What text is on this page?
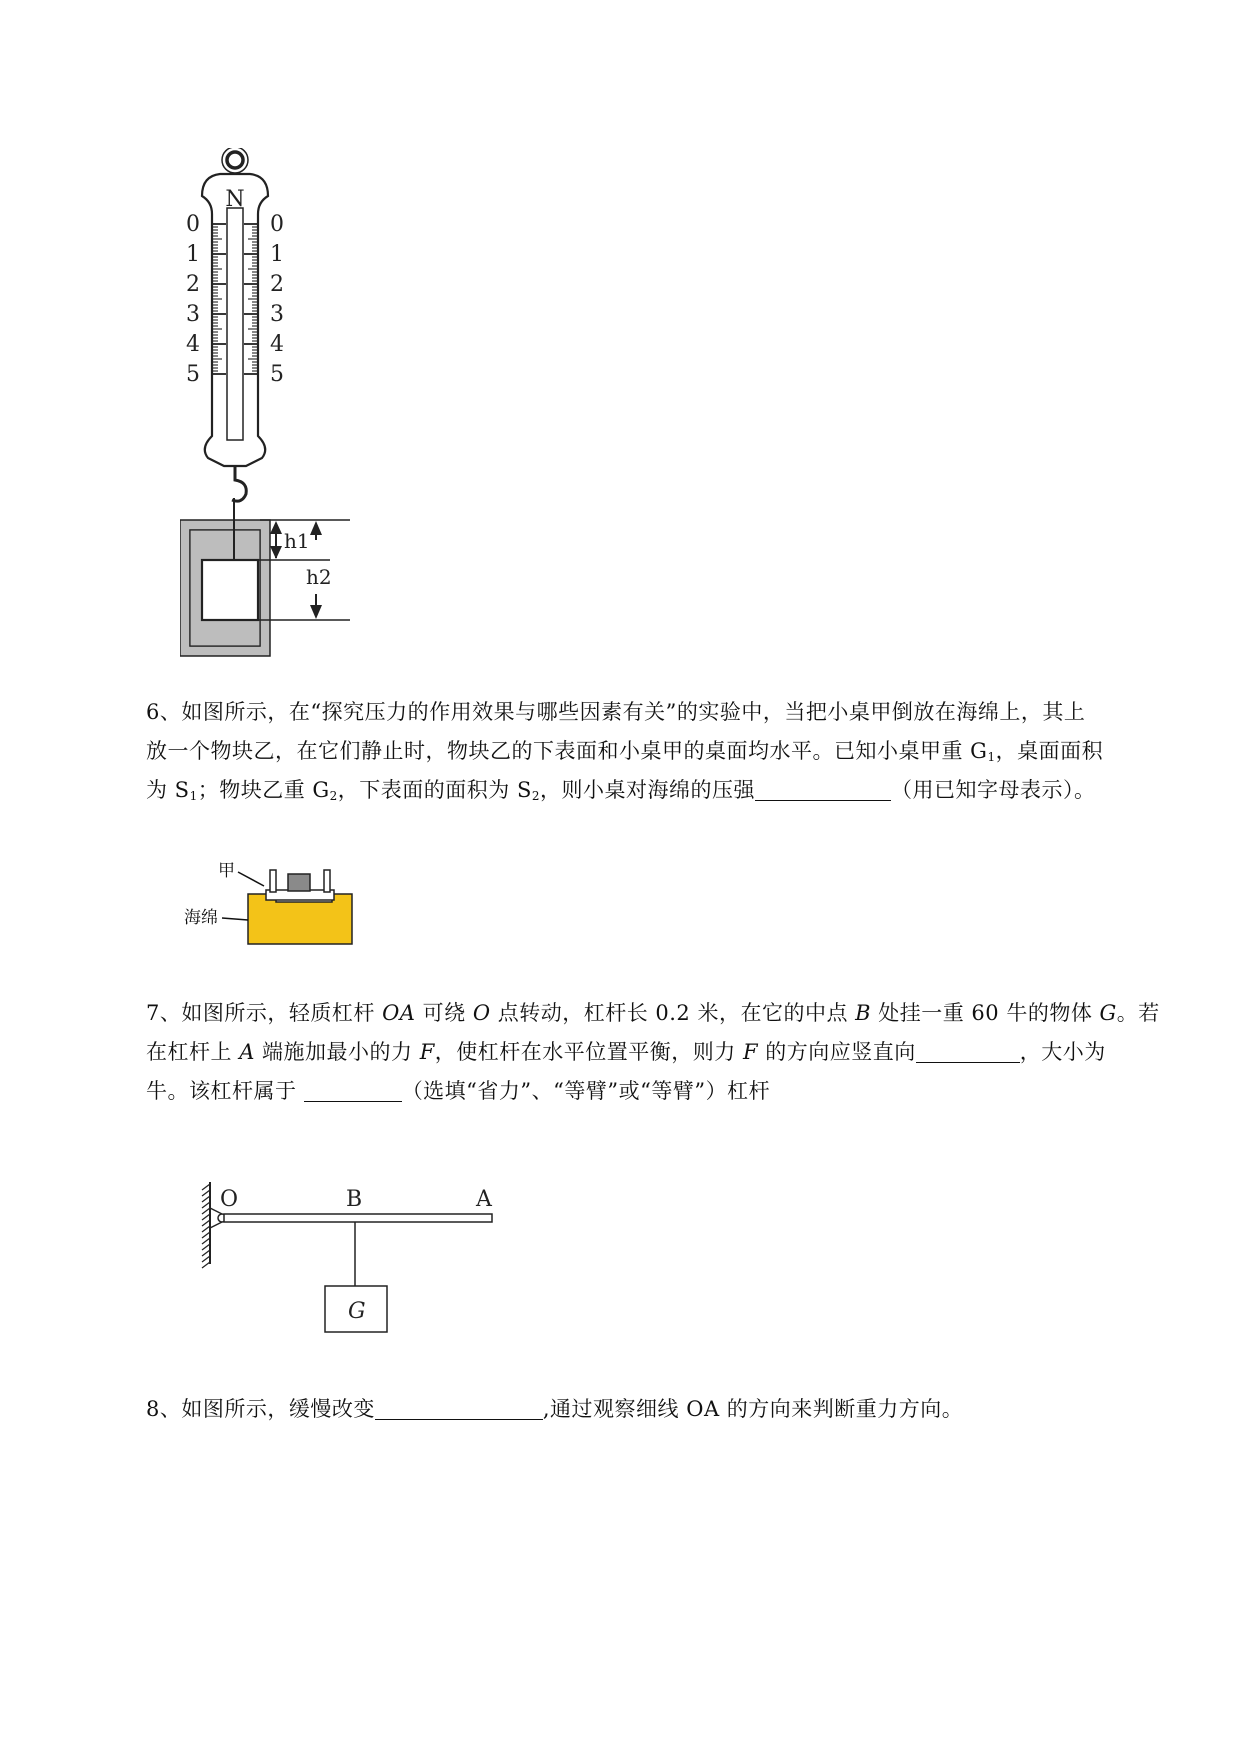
N
0
1
2
3
4
5
0
1
2
3
4
5
h1
h2

6、如图所示，在“探究压力的作用效果与哪些因素有关”的实验中，当把小桌甲倒放在海绵上，其上

放一个物块乙，在它们静止时，物块乙的下表面和小桌甲的桌面均水平。已知小桌甲重 $G_1$，桌面面积

为 $S_1$；物块乙重 $G_2$，下表面的面积为 $S_2$，则小桌对海绵的压强	（用已知字母表示）。

甲
海绵

7、如图所示，轻质杠杆 OA 可绕 O 点转动，杠杆长 0.2 米，在它的中点 B 处挂一重 60 牛的物体 G。若

在杠杆上 A 端施加最小的力 F，使杠杆在水平位置平衡，则力 F 的方向应竖直向	，大小为

牛。该杠杆属于	（选填“省力”、“等臂”或“等臂”）杠杆

G
O	B	A

8、如图所示，缓慢改变	,通过观察细线 OA 的方向来判断重力方向。
